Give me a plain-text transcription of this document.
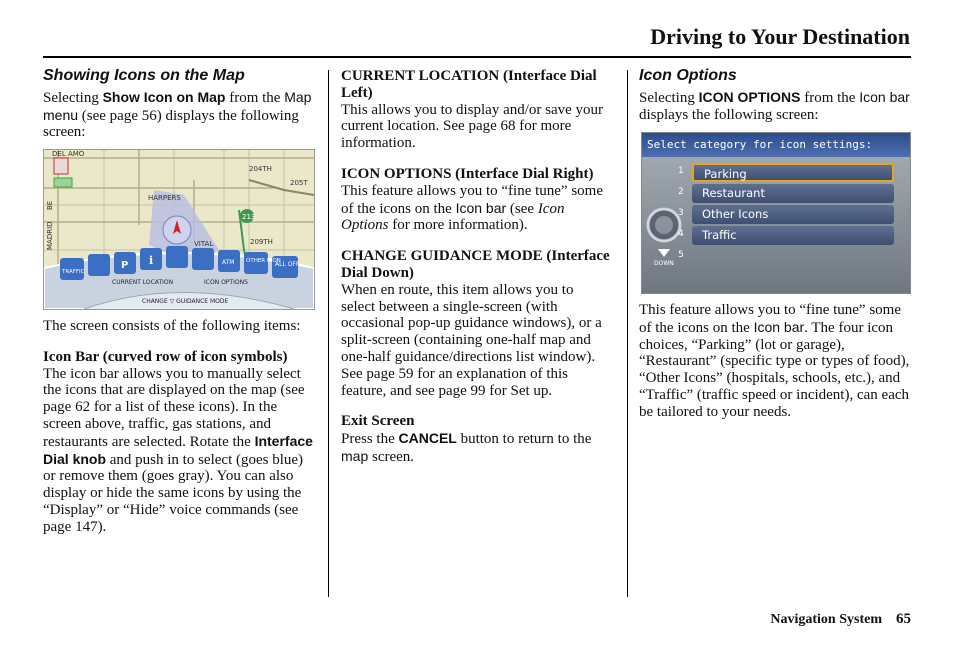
Driving to Your Destination

Showing Icons on the Map

Selecting Show Icon on Map from the Map menu (see page 56) displays the following screen:

213
DEL AMO
HARPERS
204TH
205T
209TH
VITAL
BE
MADRID
TRAFFIC
P i	ATM OTHER ICON
ALL OFF
CURRENT LOCATION	ICON OPTIONS
CHANGE ▽ GUIDANCE MODE

The screen consists of the following items:

Icon Bar (curved row of icon symbols)

The icon bar allows you to manually select the icons that are displayed on the map (see page 62 for a list of these icons). In the screen above, traffic, gas stations, and restaurants are selected. Rotate the Interface Dial knob and push in to select (goes blue) or remove them (goes gray). You can also display or hide the same icons by using the “Display” or “Hide” voice commands (see page 147).

CURRENT LOCATION (Interface Dial Left)

This allows you to display and/or save your current location. See page 68 for more information.

ICON OPTIONS (Interface Dial Right)

This feature allows you to “fine tune” some of the icons on the Icon bar (see Icon Options for more information).

CHANGE GUIDANCE MODE (Interface Dial Down)

When en route, this item allows you to select between a single-screen (with occasional pop-up guidance windows), or a split-screen (containing one-half map and one-half guidance/directions list window). See page 59 for an explanation of this feature, and see page 99 for Set up.

Exit Screen

Press the CANCEL button to return to the map screen.

Icon Options

Selecting ICON OPTIONS from the Icon bar displays the following screen:

Select category for icon settings:
DOWN
1
2
3
4
5
Parking
Restaurant
Other Icons
Traffic

This feature allows you to “fine tune” some of the icons on the Icon bar. The four icon choices, “Parking” (lot or garage), “Restaurant” (specific type or types of food), “Other Icons” (hospitals, schools, etc.), and “Traffic” (traffic speed or incident), can each be tailored to your needs.

Navigation System 65
